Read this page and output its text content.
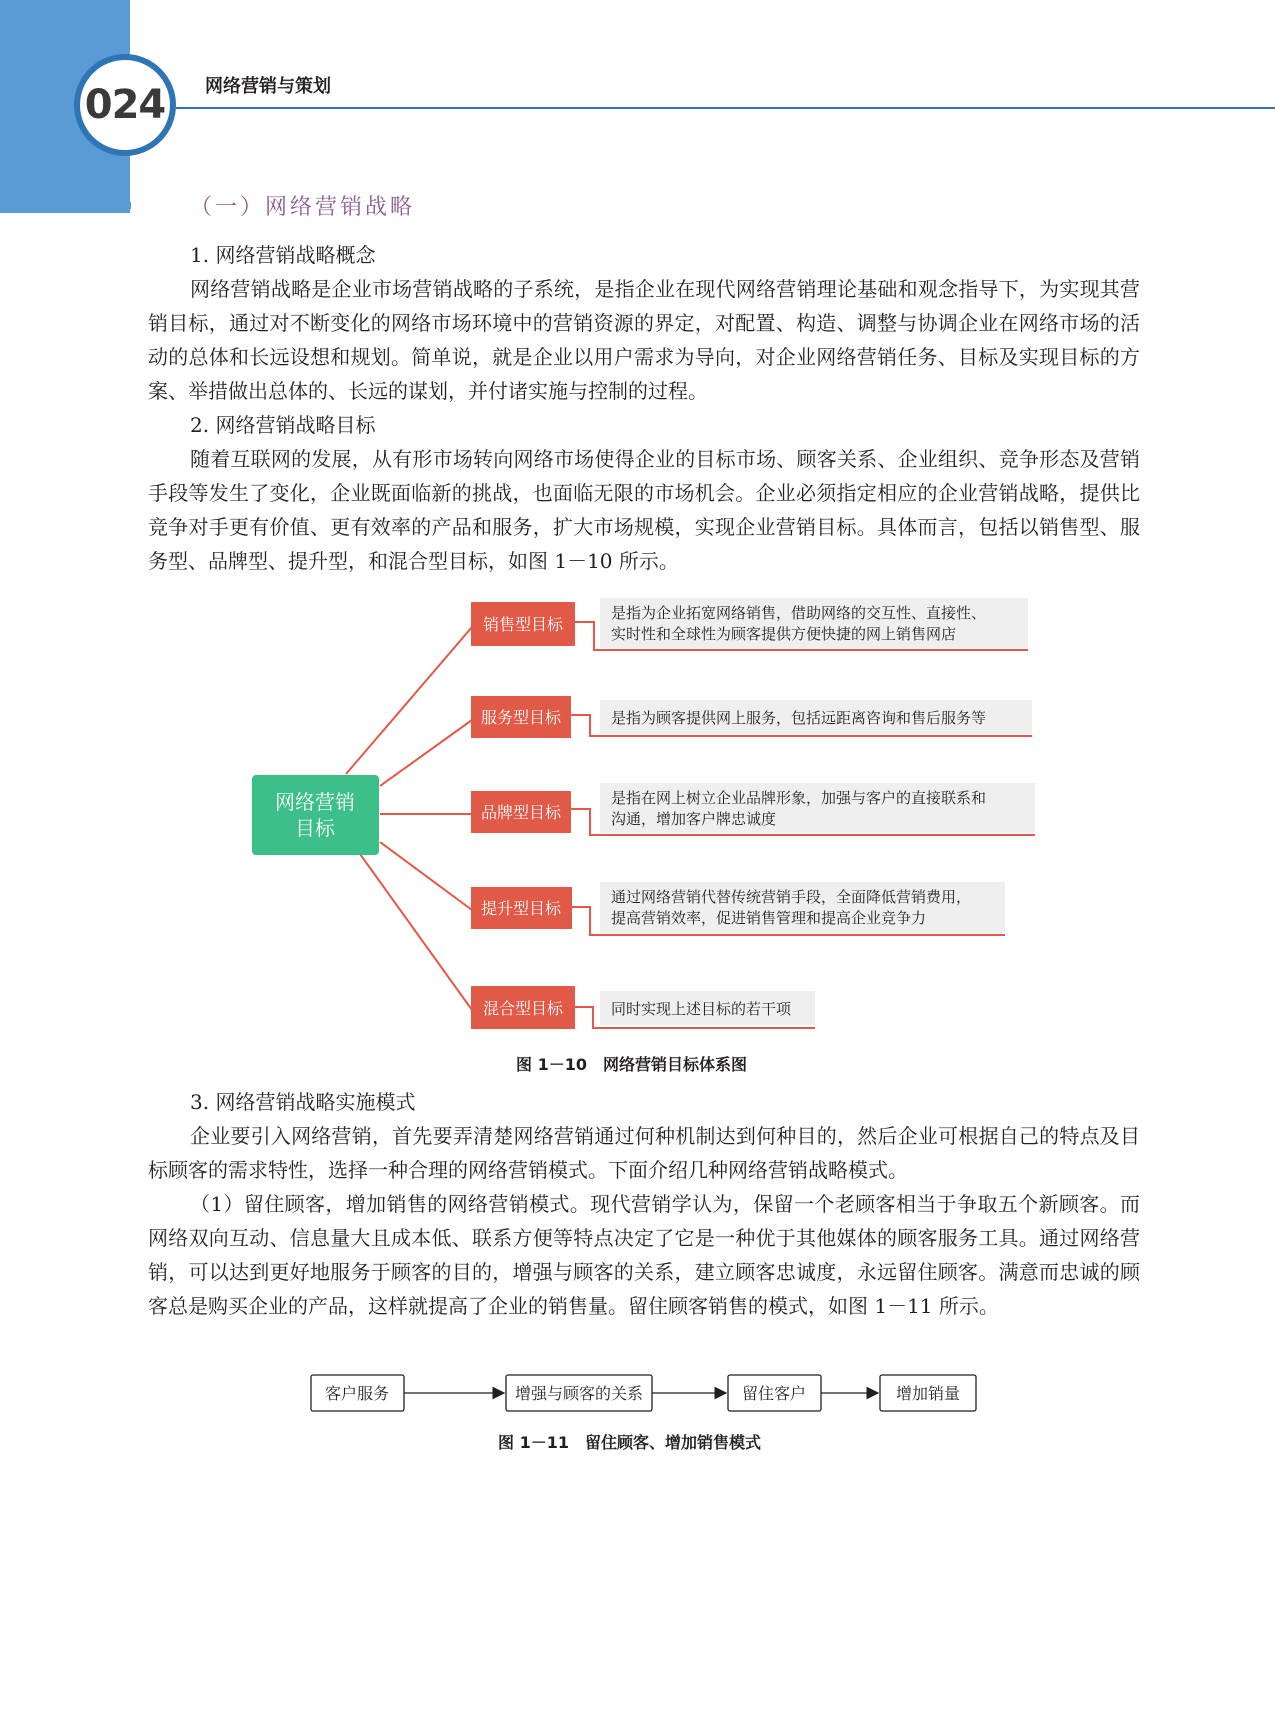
024 网络营销与策划
（一）网络营销战略

1. 网络营销战略概念

网络营销战略是企业市场营销战略的子系统，是指企业在现代网络营销理论基础和观念指导下，为实现其营销目标，通过对不断变化的网络市场环境中的营销资源的界定，对配置、构造、调整与协调企业在网络市场的活动的总体和长远设想和规划。简单说，就是企业以用户需求为导向，对企业网络营销任务、目标及实现目标的方案、举措做出总体的、长远的谋划，并付诸实施与控制的过程。

2. 网络营销战略目标

随着互联网的发展，从有形市场转向网络市场使得企业的目标市场、顾客关系、企业组织、竞争形态及营销手段等发生了变化，企业既面临新的挑战，也面临无限的市场机会。企业必须指定相应的企业营销战略，提供比竞争对手更有价值、更有效率的产品和服务，扩大市场规模，实现企业营销目标。具体而言，包括以销售型、服务型、品牌型、提升型，和混合型目标，如图 1－10 所示。

网络营销
目标
销售型目标
是指为企业拓宽网络销售，借助网络的交互性、直接性、
实时性和全球性为顾客提供方便快捷的网上销售网店
服务型目标	是指为顾客提供网上服务，包括远距离咨询和售后服务等
品牌型目标
是指在网上树立企业品牌形象，加强与客户的直接联系和
沟通，增加客户牌忠诚度
提升型目标
通过网络营销代替传统营销手段，全面降低营销费用，
提高营销效率，促进销售管理和提高企业竞争力
混合型目标	同时实现上述目标的若干项
图 1－10　网络营销目标体系图

3. 网络营销战略实施模式

企业要引入网络营销，首先要弄清楚网络营销通过何种机制达到何种目的，然后企业可根据自己的特点及目标顾客的需求特性，选择一种合理的网络营销模式。下面介绍几种网络营销战略模式。

（1）留住顾客，增加销售的网络营销模式。现代营销学认为，保留一个老顾客相当于争取五个新顾客。而网络双向互动、信息量大且成本低、联系方便等特点决定了它是一种优于其他媒体的顾客服务工具。通过网络营销，可以达到更好地服务于顾客的目的，增强与顾客的关系，建立顾客忠诚度，永远留住顾客。满意而忠诚的顾客总是购买企业的产品，这样就提高了企业的销售量。留住顾客销售的模式，如图 1－11 所示。

客户服务	增强与顾客的关系	留住客户	增加销量
图 1－11　留住顾客、增加销售模式
